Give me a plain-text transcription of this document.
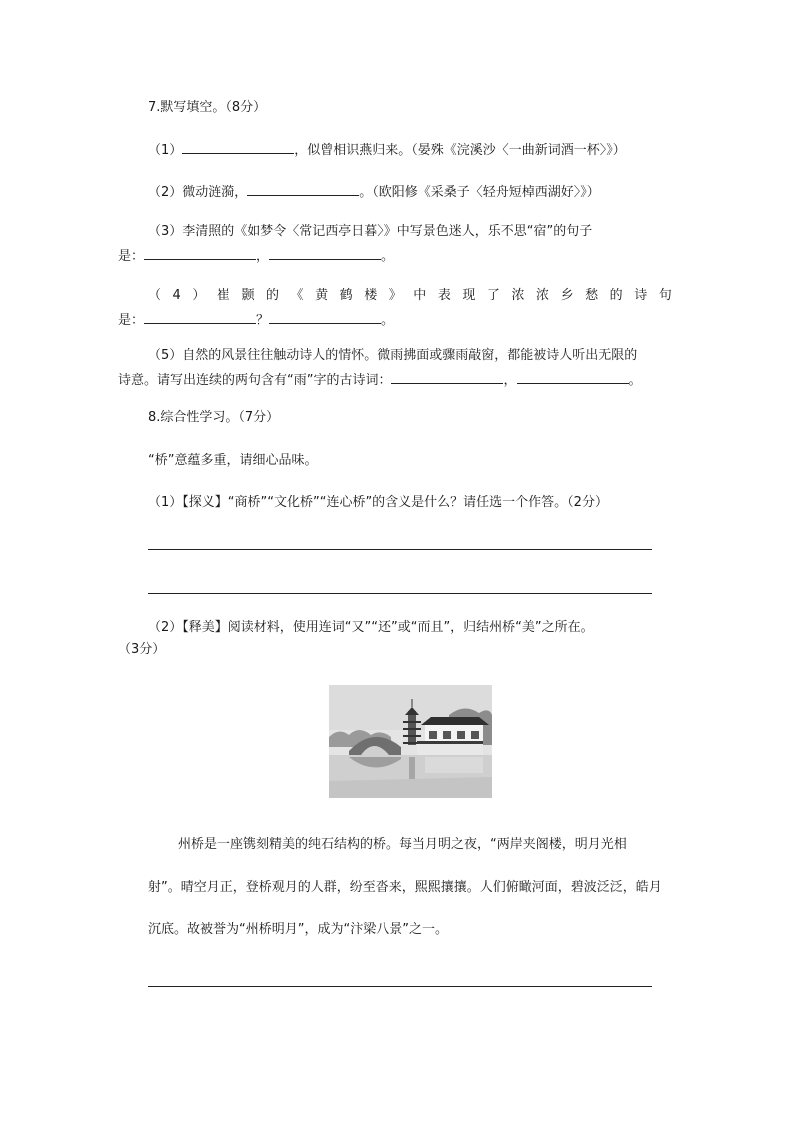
7.默写填空。（8分）
（1）	，似曾相识燕归来。（晏殊《浣溪沙〈一曲新词酒一杯〉》）
（2）微动涟漪，	。（欧阳修《采桑子〈轻舟短棹西湖好〉》）
（3）李清照的《如梦令〈常记西亭日暮〉》中写景色迷人，乐不思“宿”的句子
是：	，	。
（ 4 ） 崔 颢 的 《 黄 鹤 楼 》 中 表 现 了 浓 浓 乡 愁 的 诗 句
是：	？	。
（5）自然的风景往往触动诗人的情怀。微雨拂面或骤雨敲窗，都能被诗人听出无限的
诗意。请写出连续的两句含有“雨”字的古诗词：	，	。
8.综合性学习。（7分）
“桥”意蕴多重，请细心品味。
（1）【探义】“商桥”“文化桥”“连心桥”的含义是什么？请任选一个作答。（2分）
（2）【释美】阅读材料，使用连词“又”“还”或“而且”，归结州桥“美”之所在。
（3分）
州桥是一座镌刻精美的纯石结构的桥。每当月明之夜，“两岸夹阁楼，明月光相
射”。晴空月正，登桥观月的人群，纷至沓来，熙熙攘攘。人们俯瞰河面，碧波泛泛，皓月
沉底。故被誉为“州桥明月”，成为“汴梁八景”之一。
